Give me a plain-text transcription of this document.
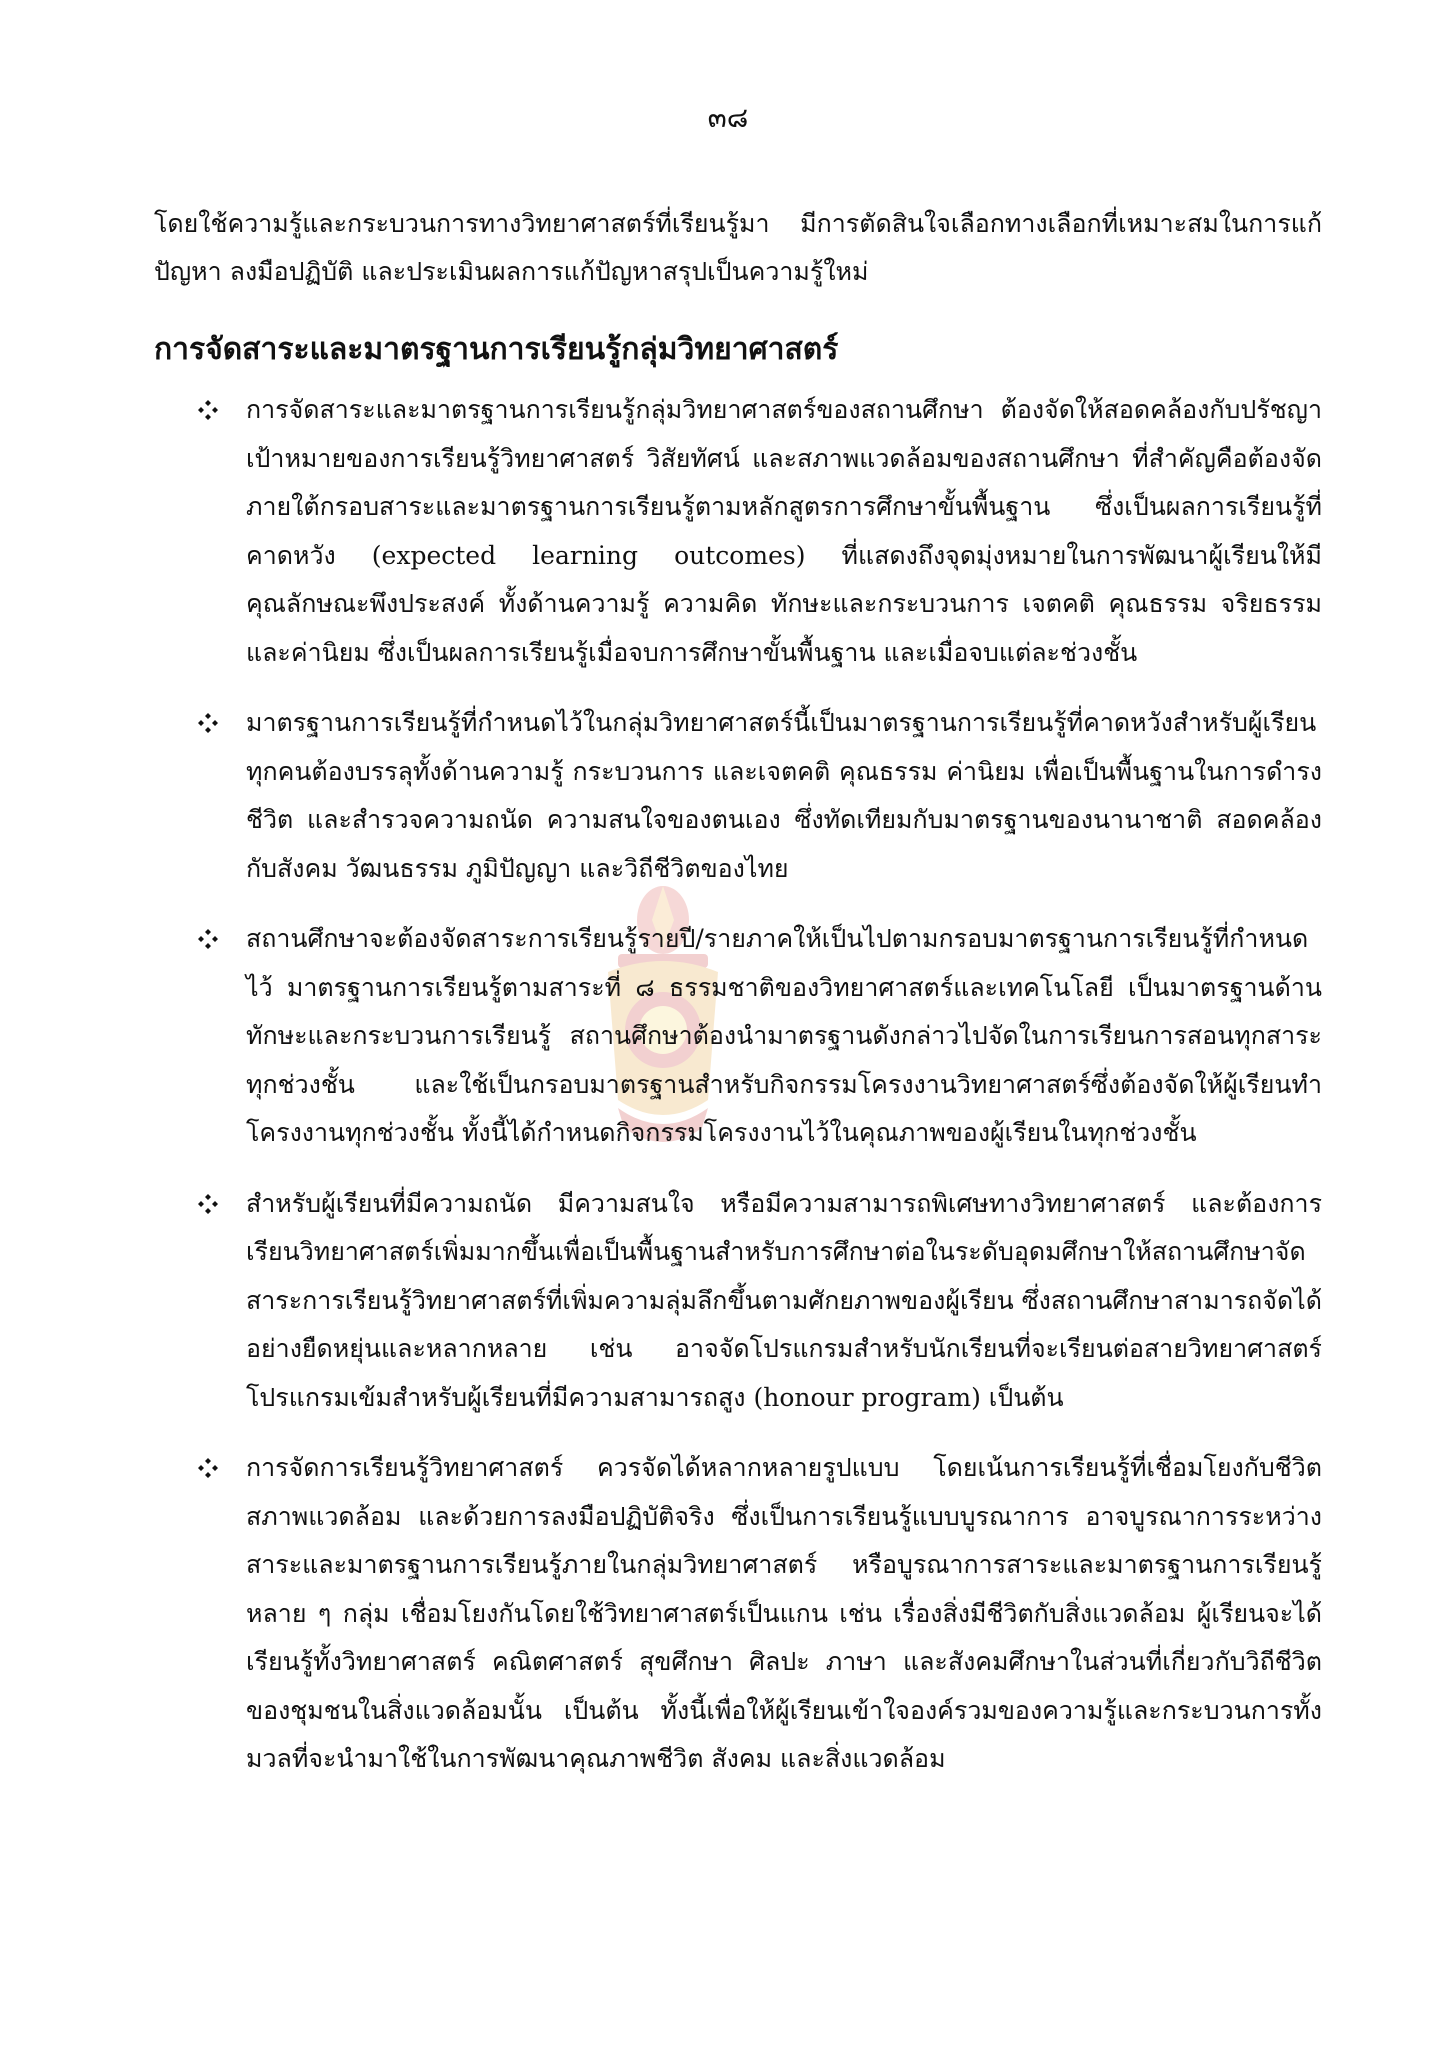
๓๘

โดยใช้ความรู้และกระบวนการทางวิทยาศาสตร์ที่เรียนรู้มา มีการตัดสินใจเลือกทางเลือกที่เหมาะสมในการแก้ปัญหา ลงมือปฏิบัติ และประเมินผลการแก้ปัญหาสรุปเป็นความรู้ใหม่

การจัดสาระและมาตรฐานการเรียนรู้กลุ่มวิทยาศาสตร์
การจัดสาระและมาตรฐานการเรียนรู้กลุ่มวิทยาศาสตร์ของสถานศึกษา ต้องจัดให้สอดคล้องกับปรัชญา เป้าหมายของการเรียนรู้วิทยาศาสตร์ วิสัยทัศน์ และสภาพแวดล้อมของสถานศึกษา ที่สำคัญคือต้องจัดภายใต้กรอบสาระและมาตรฐานการเรียนรู้ตามหลักสูตรการศึกษาขั้นพื้นฐาน ซึ่งเป็นผลการเรียนรู้ที่คาดหวัง (expected learning outcomes) ที่แสดงถึงจุดมุ่งหมายในการพัฒนาผู้เรียนให้มีคุณลักษณะพึงประสงค์ ทั้งด้านความรู้ ความคิด ทักษะและกระบวนการ เจตคติ คุณธรรม จริยธรรม และค่านิยม ซึ่งเป็นผลการเรียนรู้เมื่อจบการศึกษาขั้นพื้นฐาน และเมื่อจบแต่ละช่วงชั้น
มาตรฐานการเรียนรู้ที่กำหนดไว้ในกลุ่มวิทยาศาสตร์นี้เป็นมาตรฐานการเรียนรู้ที่คาดหวังสำหรับผู้เรียนทุกคนต้องบรรลุทั้งด้านความรู้ กระบวนการ และเจตคติ คุณธรรม ค่านิยม เพื่อเป็นพื้นฐานในการดำรงชีวิต และสำรวจความถนัด ความสนใจของตนเอง ซึ่งทัดเทียมกับมาตรฐานของนานาชาติ สอดคล้องกับสังคม วัฒนธรรม ภูมิปัญญา และวิถีชีวิตของไทย
สถานศึกษาจะต้องจัดสาระการเรียนรู้รายปี/รายภาคให้เป็นไปตามกรอบมาตรฐานการเรียนรู้ที่กำหนดไว้ มาตรฐานการเรียนรู้ตามสาระที่ ๘ ธรรมชาติของวิทยาศาสตร์และเทคโนโลยี เป็นมาตรฐานด้านทักษะและกระบวนการเรียนรู้ สถานศึกษาต้องนำมาตรฐานดังกล่าวไปจัดในการเรียนการสอนทุกสาระ ทุกช่วงชั้น และใช้เป็นกรอบมาตรฐานสำหรับกิจกรรมโครงงานวิทยาศาสตร์ซึ่งต้องจัดให้ผู้เรียนทำโครงงานทุกช่วงชั้น ทั้งนี้ได้กำหนดกิจกรรมโครงงานไว้ในคุณภาพของผู้เรียนในทุกช่วงชั้น
สำหรับผู้เรียนที่มีความถนัด มีความสนใจ หรือมีความสามารถพิเศษทางวิทยาศาสตร์ และต้องการเรียนวิทยาศาสตร์เพิ่มมากขึ้นเพื่อเป็นพื้นฐานสำหรับการศึกษาต่อในระดับอุดมศึกษาให้สถานศึกษาจัดสาระการเรียนรู้วิทยาศาสตร์ที่เพิ่มความลุ่มลึกขึ้นตามศักยภาพของผู้เรียน ซึ่งสถานศึกษาสามารถจัดได้อย่างยืดหยุ่นและหลากหลาย เช่น อาจจัดโปรแกรมสำหรับนักเรียนที่จะเรียนต่อสายวิทยาศาสตร์ โปรแกรมเข้มสำหรับผู้เรียนที่มีความสามารถสูง (honour program) เป็นต้น
การจัดการเรียนรู้วิทยาศาสตร์ ควรจัดได้หลากหลายรูปแบบ โดยเน้นการเรียนรู้ที่เชื่อมโยงกับชีวิต สภาพแวดล้อม และด้วยการลงมือปฏิบัติจริง ซึ่งเป็นการเรียนรู้แบบบูรณาการ อาจบูรณาการระหว่างสาระและมาตรฐานการเรียนรู้ภายในกลุ่มวิทยาศาสตร์ หรือบูรณาการสาระและมาตรฐานการเรียนรู้หลาย ๆ กลุ่ม เชื่อมโยงกันโดยใช้วิทยาศาสตร์เป็นแกน เช่น เรื่องสิ่งมีชีวิตกับสิ่งแวดล้อม ผู้เรียนจะได้เรียนรู้ทั้งวิทยาศาสตร์ คณิตศาสตร์ สุขศึกษา ศิลปะ ภาษา และสังคมศึกษาในส่วนที่เกี่ยวกับวิถีชีวิตของชุมชนในสิ่งแวดล้อมนั้น เป็นต้น ทั้งนี้เพื่อให้ผู้เรียนเข้าใจองค์รวมของความรู้และกระบวนการทั้งมวลที่จะนำมาใช้ในการพัฒนาคุณภาพชีวิต สังคม และสิ่งแวดล้อม
